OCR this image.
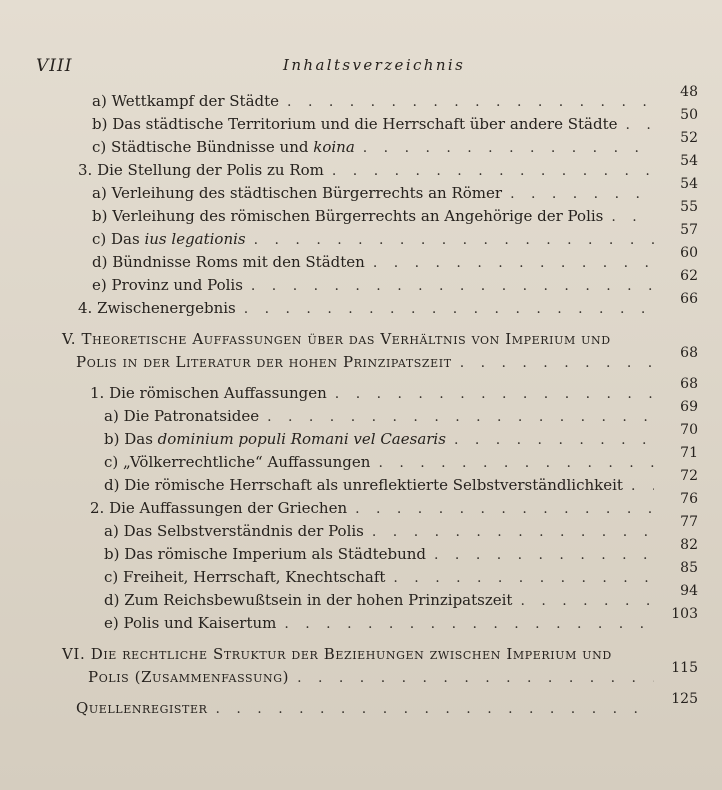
VIII	Inhaltsverzeichnis
a) Wettkampf der Städte . . .	48
b) Das städtische Territorium und die Herrschaft über andere Städte . . .	50
c) Städtische Bündnisse und koina . . .	52
3. Die Stellung der Polis zu Rom . . .	54
a) Verleihung des städtischen Bürgerrechts an Römer . . .	54
b) Verleihung des römischen Bürgerrechts an Angehörige der Polis . . .	55
c) Das ius legationis . . .	57
d) Bündnisse Roms mit den Städten . . .	60
e) Provinz und Polis . . .	62
4. Zwischenergebnis . . .	66
V. Theoretische Auffassungen über das Verhältnis von Imperium und
Polis in der Literatur der hohen Prinzipatszeit . . .	68
1. Die römischen Auffassungen . . .	68
a) Die Patronatsidee . . .	69
b) Das dominium populi Romani vel Caesaris . . .	70
c) „Völkerrechtliche“ Auffassungen . . .	71
d) Die römische Herrschaft als unreflektierte Selbstverständlichkeit . . .	72
2. Die Auffassungen der Griechen . . .	76
a) Das Selbstverständnis der Polis . . .	77
b) Das römische Imperium als Städtebund . . .	82
c) Freiheit, Herrschaft, Knechtschaft . . .	85
d) Zum Reichsbewußtsein in der hohen Prinzipatszeit . . .	94
e) Polis und Kaisertum . . .	103
VI. Die rechtliche Struktur der Beziehungen zwischen Imperium und
Polis (Zusammenfassung) . . .	115
Quellenregister . . .	125
